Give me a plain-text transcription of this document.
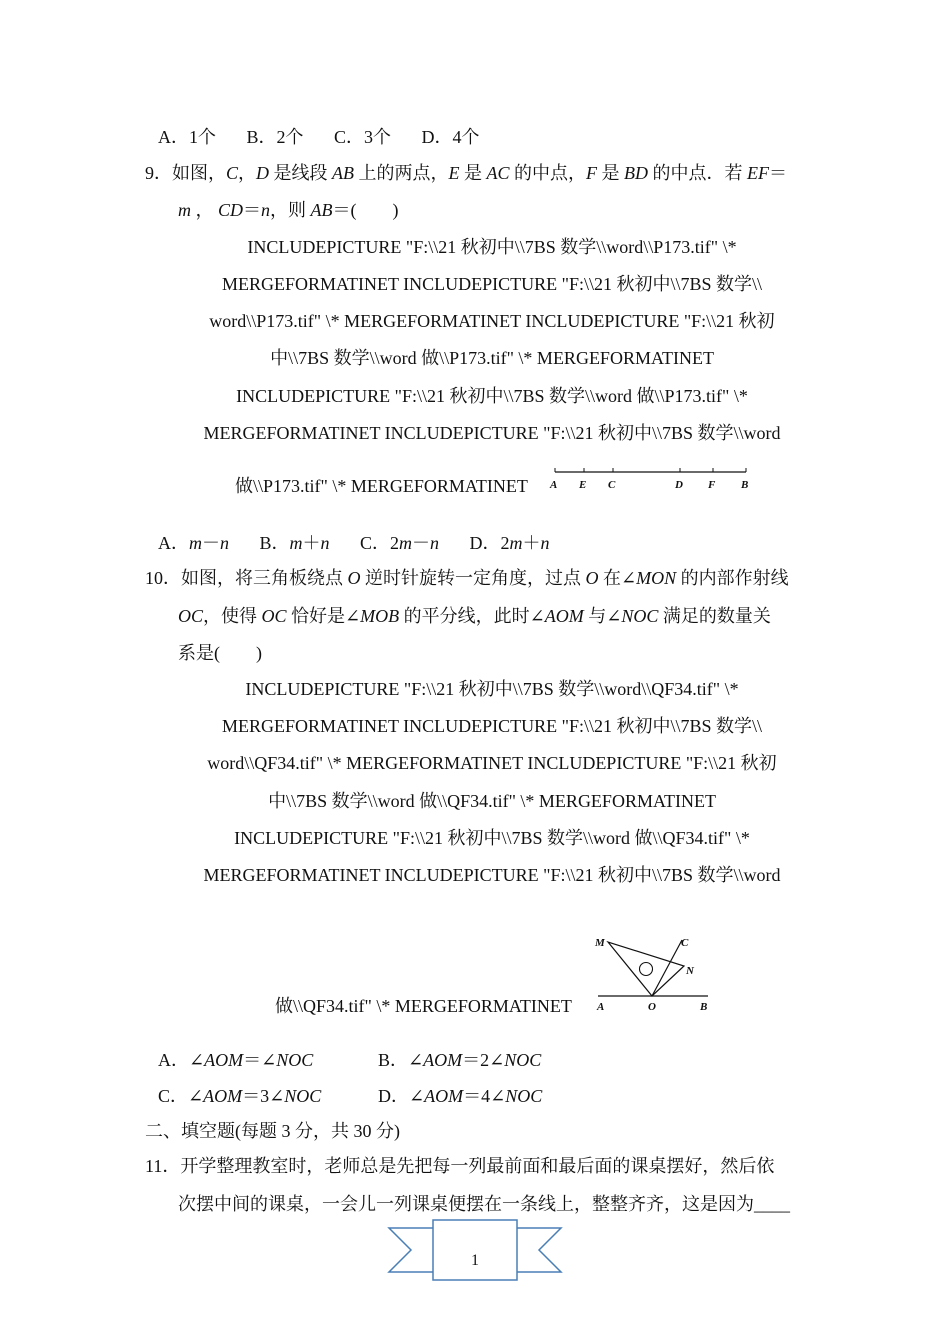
A．1个 B．2个 C．3个 D．4个
9．如图，C，D 是线段 AB 上的两点，E 是 AC 的中点，F 是 BD 的中点．若 EF＝
m ， CD＝n，则 AB＝(　　)
INCLUDEPICTURE "F:\\21 秋初中\\7BS 数学\\word\\P173.tif" \*
MERGEFORMATINET INCLUDEPICTURE "F:\\21 秋初中\\7BS 数学\\
word\\P173.tif" \* MERGEFORMATINET INCLUDEPICTURE "F:\\21 秋初
中\\7BS 数学\\word 做\\P173.tif" \* MERGEFORMATINET
INCLUDEPICTURE "F:\\21 秋初中\\7BS 数学\\word 做\\P173.tif" \*
MERGEFORMATINET INCLUDEPICTURE "F:\\21 秋初中\\7BS 数学\\word
做\\P173.tif" \* MERGEFORMATINET A E C	D F B
A．m－n B．m＋n C．2m－n D．2m＋n
10．如图，将三角板绕点 O 逆时针旋转一定角度，过点 O 在∠MON 的内部作射线
OC，使得 OC 恰好是∠MOB 的平分线，此时∠AOM 与∠NOC 满足的数量关
系是(　　)
INCLUDEPICTURE "F:\\21 秋初中\\7BS 数学\\word\\QF34.tif" \*
MERGEFORMATINET INCLUDEPICTURE "F:\\21 秋初中\\7BS 数学\\
word\\QF34.tif" \* MERGEFORMATINET INCLUDEPICTURE "F:\\21 秋初
中\\7BS 数学\\word 做\\QF34.tif" \* MERGEFORMATINET
INCLUDEPICTURE "F:\\21 秋初中\\7BS 数学\\word 做\\QF34.tif" \*
MERGEFORMATINET INCLUDEPICTURE "F:\\21 秋初中\\7BS 数学\\word
做\\QF34.tif" \* MERGEFORMATINET
M	C
N
A	O	B
A．∠AOM＝∠NOC	B．∠AOM＝2∠NOC
C．∠AOM＝3∠NOC	D．∠AOM＝4∠NOC
二、填空题(每题 3 分，共 30 分)
11．开学整理教室时，老师总是先把每一列最前面和最后面的课桌摆好，然后依
次摆中间的课桌，一会儿一列课桌便摆在一条线上，整整齐齐，这是因为____
1
